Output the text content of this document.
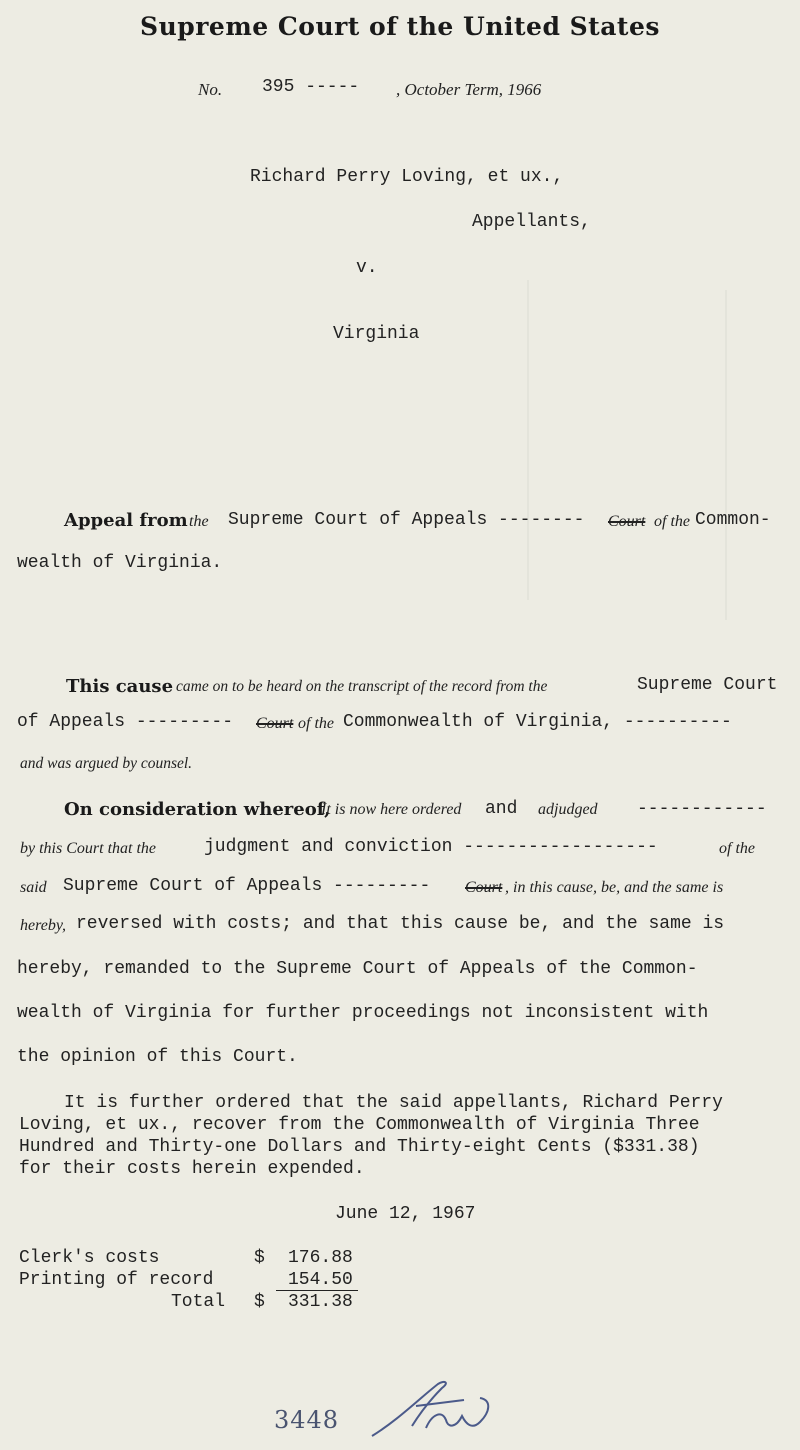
Supreme Court of the United States
No. 395 ----- , October Term, 1966
Richard Perry Loving, et ux.,
Appellants,
v.
Virginia
Appeal from the Supreme Court of Appeals -------- Court of the Common-
wealth of Virginia.
This cause came on to be heard on the transcript of the record from the	Supreme Court
of Appeals --------- Court of the Commonwealth of Virginia, ----------
and was argued by counsel.
On consideration whereof,
It is now here ordered and adjudged ------------
by this Court that the	judgment and conviction ------------------	of the
said Supreme Court of Appeals --------- Court , in this cause, be, and the same is
hereby, reversed with costs; and that this cause be, and the same is
hereby, remanded to the Supreme Court of Appeals of the Common-
wealth of Virginia for further proceedings not inconsistent with
the opinion of this Court.
It is further ordered that the said appellants, Richard Perry
Loving, et ux., recover from the Commonwealth of Virginia Three
Hundred and Thirty-one Dollars and Thirty-eight Cents ($331.38)
for their costs herein expended.
June 12, 1967
Clerk's costs	$ 176.88
Printing of record	154.50
Total $ 331.38
3448
